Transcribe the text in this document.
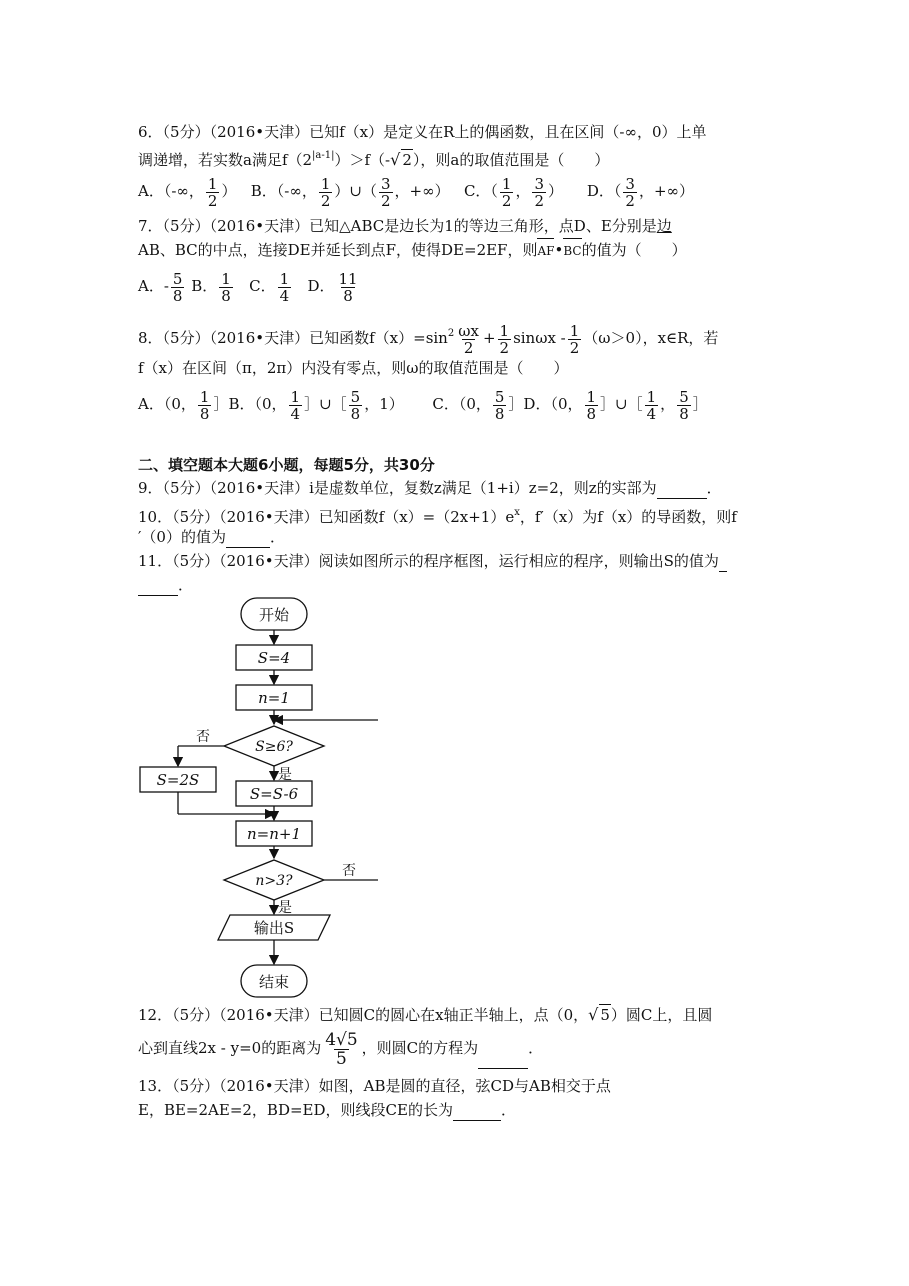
6．（5分）（2016•天津）已知f（x）是定义在R上的偶函数，且在区间（-∞，0）上单
调递增，若实数a满足$f(2^{|a-1|})>f(-√$ 2），则a的取值范围是（　　）
A．（-∞， $\frac{1}{2}$ ） B．（-∞， $\frac{1}{2}$ ）∪（ $\frac{3}{2}$ ，+∞） C．（ $\frac{1}{2}$ ， $\frac{3}{2}$ ） D．（ $\frac{3}{2}$ ，+∞）
7．（5分）（2016•天津）已知△ABC是边长为1的等边三角形，点D、E分别是边
AB、BC的中点，连接DE并延长到点F，使得DE=2EF，则AF•BC的值为（　　）
A．- $\frac{5}{8}$ B． $\frac{1}{8}$ C． $\frac{1}{4}$ D． $\frac{11}{8}$
8．（5分）（2016•天津）已知函数$f(x)=\sin^2 \frac{\omega x}{2} + \frac{1}{2}$ $\sin\omega x - \frac{1}{2} (\omega>0)$，x∈R，若
f（x）在区间（π，2π）内没有零点，则ω的取值范围是（　　）
A．（0， $\frac{1}{8}$ ］B．（0， $\frac{1}{4}$ ］∪［ $\frac{5}{8}$ ，1） C．（0， $\frac{5}{8}$ ］D．（0， $\frac{1}{8}$ ］∪［ $\frac{1}{4}$ ， $\frac{5}{8}$ ］
二、填空题本大题6小题，每题5分，共30分
9．（5分）（2016•天津）i是虚数单位，复数z满足（1+i）z=2，则z的实部为	．
10．（5分）（2016•天津）已知函数$f(x)=(2x+1)e^x$，f′（x）为f（x）的导函数，则f
′（0）的值为	．
11．（5分）（2016•天津）阅读如图所示的程序框图，运行相应的程序，则输出S的值为
．
开始
S=4
n=1
S≥6?
否
是
S=2S
S=S-6
n=n+1
n>3?
否
是
输出S
结束
12．（5分）（2016•天津）已知圆C的圆心在x轴正半轴上，点（0，√ 5）圆C上，且圆
心到直线2x - y=0的距离为 $\frac{4√5}{5}$ ，则圆C的方程为	．
13．（5分）（2016•天津）如图，AB是圆的直径，弦CD与AB相交于点
E，BE=2AE=2，BD=ED，则线段CE的长为	．
